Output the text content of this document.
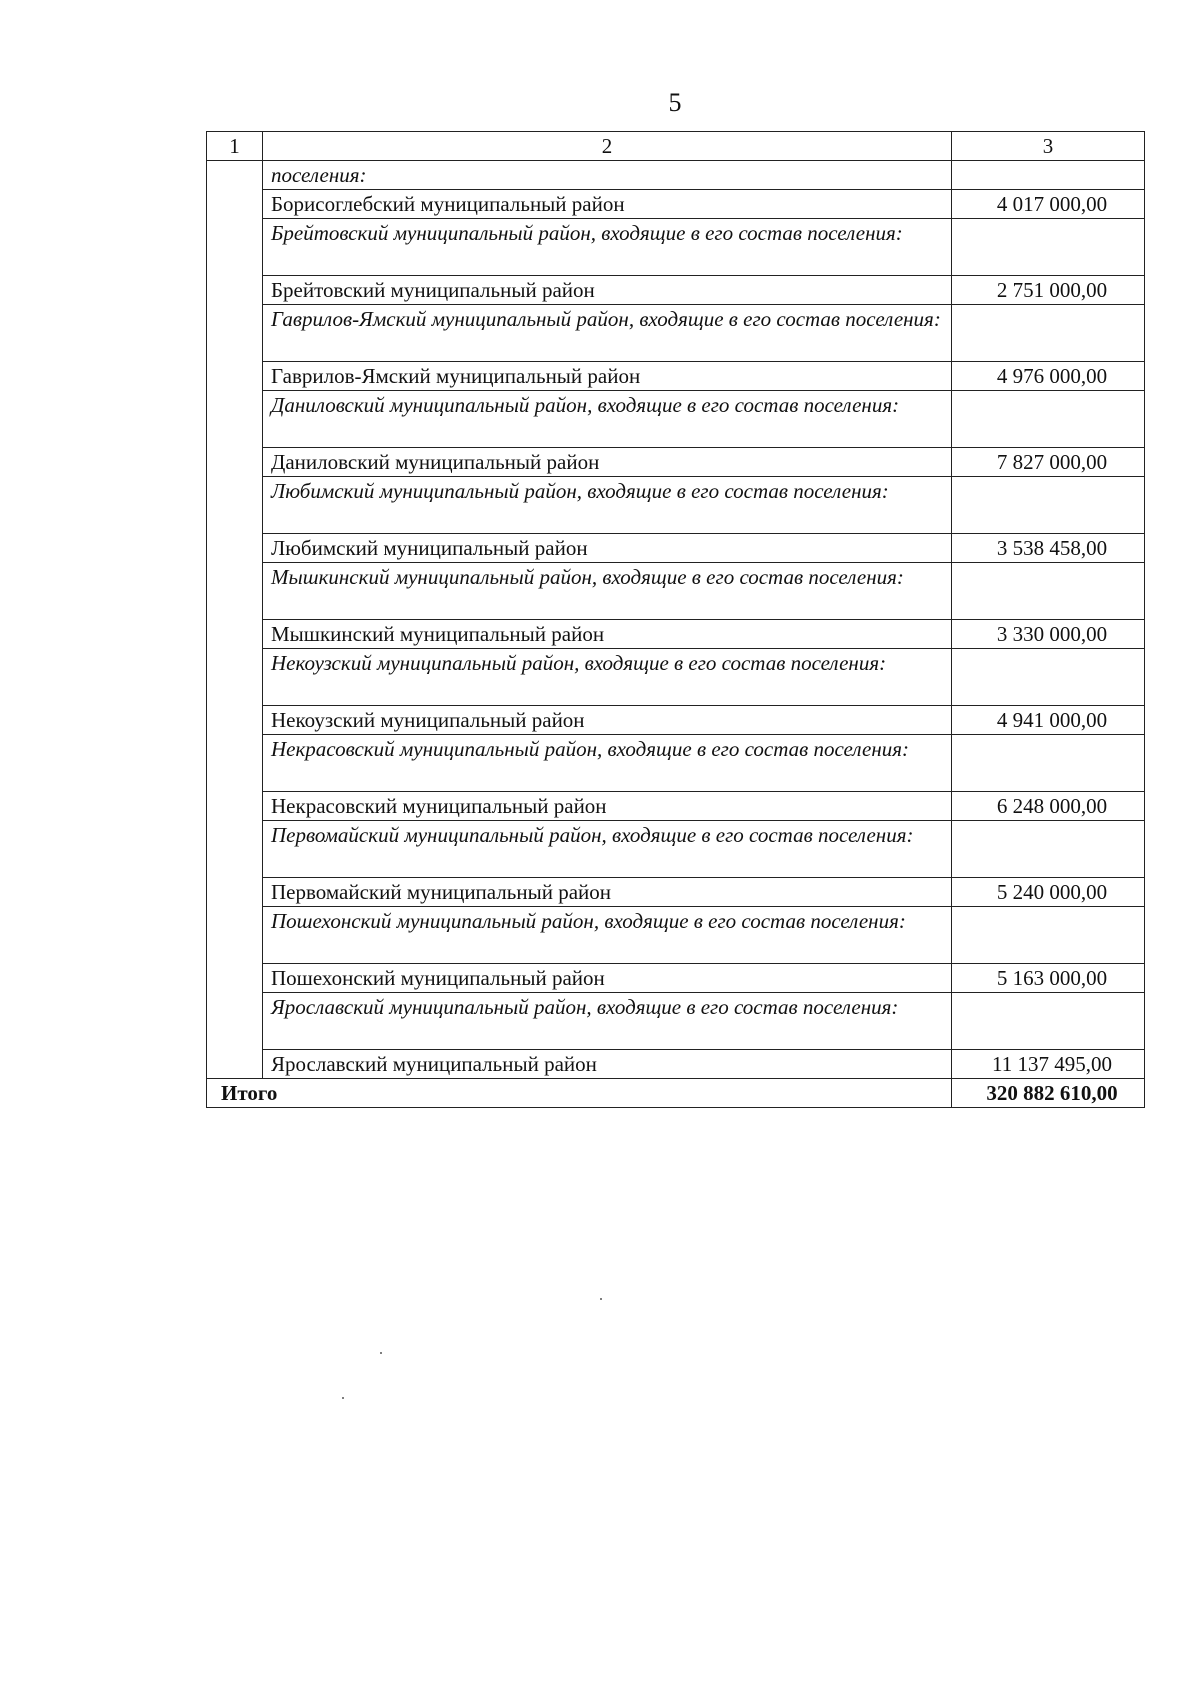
5
1	2	3
	поселения:	
	Борисоглебский муниципальный район	4 017 000,00
	Брейтовский муниципальный район, входящие в его состав поселения:	
	Брейтовский муниципальный район	2 751 000,00
	Гаврилов-Ямский муниципальный район, входящие в его состав поселения:	
	Гаврилов-Ямский муниципальный район	4 976 000,00
	Даниловский муниципальный район, входящие в его состав поселения:	
	Даниловский муниципальный район	7 827 000,00
	Любимский муниципальный район, входящие в его состав поселения:	
	Любимский муниципальный район	3 538 458,00
	Мышкинский муниципальный район, входящие в его состав поселения:	
	Мышкинский муниципальный район	3 330 000,00
	Некоузский муниципальный район, входящие в его состав поселения:	
	Некоузский муниципальный район	4 941 000,00
	Некрасовский муниципальный район, входящие в его состав поселения:	
	Некрасовский муниципальный район	6 248 000,00
	Первомайский муниципальный район, входящие в его состав поселения:	
	Первомайский муниципальный район	5 240 000,00
	Пошехонский муниципальный район, входящие в его состав поселения:	
	Пошехонский муниципальный район	5 163 000,00
	Ярославский муниципальный район, входящие в его состав поселения:	
	Ярославский муниципальный район	11 137 495,00
Итого		320 882 610,00
